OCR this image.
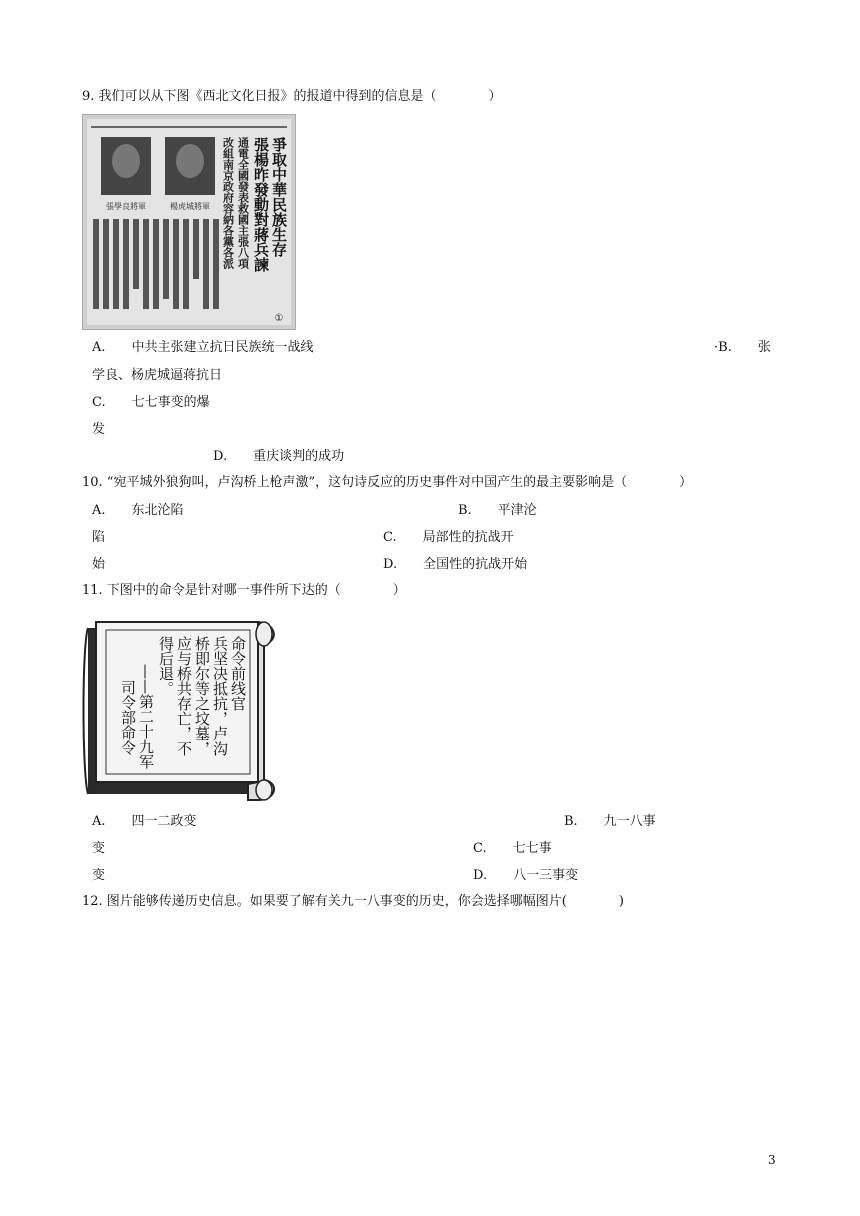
9. 我们可以从下图《西北文化日报》的报道中得到的信息是（　　　　）
張學良將軍	楊虎城將軍	爭取中華民族生存
張楊昨發動對蔣兵諫
通電全國發表救國主張八項
改組南京政府容納各黨各派
①
A.　　中共主张建立抗日民族统一战线	·B.　　张
学良、杨虎城逼蒋抗日
C.　　七七事变的爆
发
D.　　重庆谈判的成功
10. “宛平城外狼狗叫，卢沟桥上枪声激”，这句诗反应的历史事件对中国产生的最主要影响是（　　　　）
A.　　东北沦陷	B.　　平津沦
陷	C.　　局部性的抗战开
始	D.　　全国性的抗战开始
11. 下图中的命令是针对哪一事件所下达的（　　　　）
命令前线官
兵坚决抵抗，卢沟
桥即尔等之坟墓，
应与桥共存亡，不
得后退。
——第二十九军
司令部命令
A.　　四一二政变	B.　　九一八事
变	C.　　七七事
变	D.　　八一三事变
12. 图片能够传递历史信息。如果要了解有关九一八事变的历史，你会选择哪幅图片(　　　　)
3
